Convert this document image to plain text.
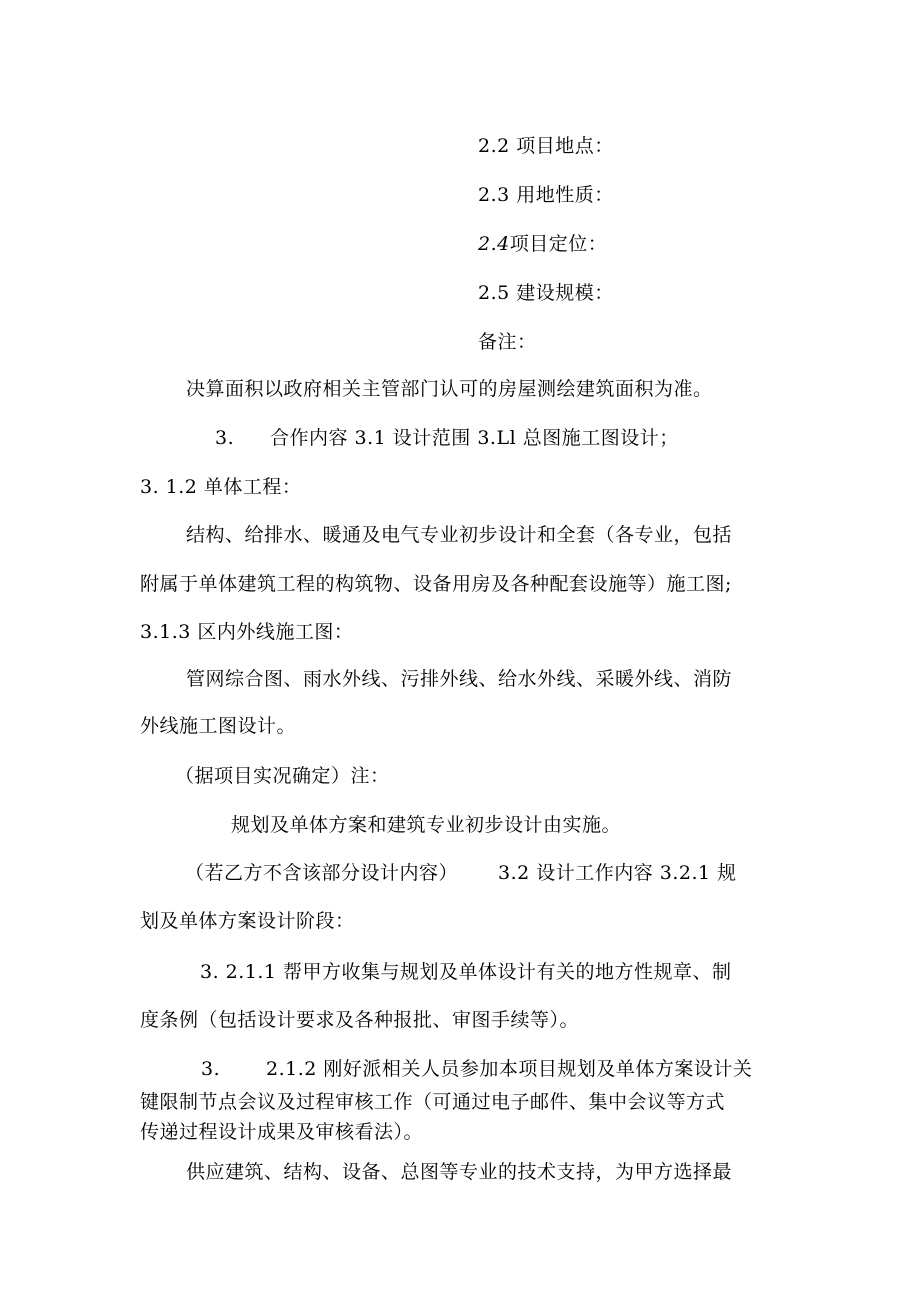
2.2 项目地点：
2.3 用地性质：
2.4项目定位：
2.5 建设规模：
备注：
决算面积以政府相关主管部门认可的房屋测绘建筑面积为准。
3. 合作内容 3.1 设计范围 3.Ll 总图施工图设计；
3. 1.2 单体工程：
结构、给排水、暖通及电气专业初步设计和全套（各专业，包括
附属于单体建筑工程的构筑物、设备用房及各种配套设施等）施工图;
3.1.3 区内外线施工图：
管网综合图、雨水外线、污排外线、给水外线、采暖外线、消防
外线施工图设计。
（据项目实况确定）注：
规划及单体方案和建筑专业初步设计由实施。
（若乙方不含该部分设计内容） 3.2 设计工作内容 3.2.1 规
划及单体方案设计阶段：
3. 2.1.1 帮甲方收集与规划及单体设计有关的地方性规章、制
度条例（包括设计要求及各种报批、审图手续等）。
3. 2.1.2 刚好派相关人员参加本项目规划及单体方案设计关
键限制节点会议及过程审核工作（可通过电子邮件、集中会议等方式
传递过程设计成果及审核看法）。
供应建筑、结构、设备、总图等专业的技术支持，为甲方选择最
